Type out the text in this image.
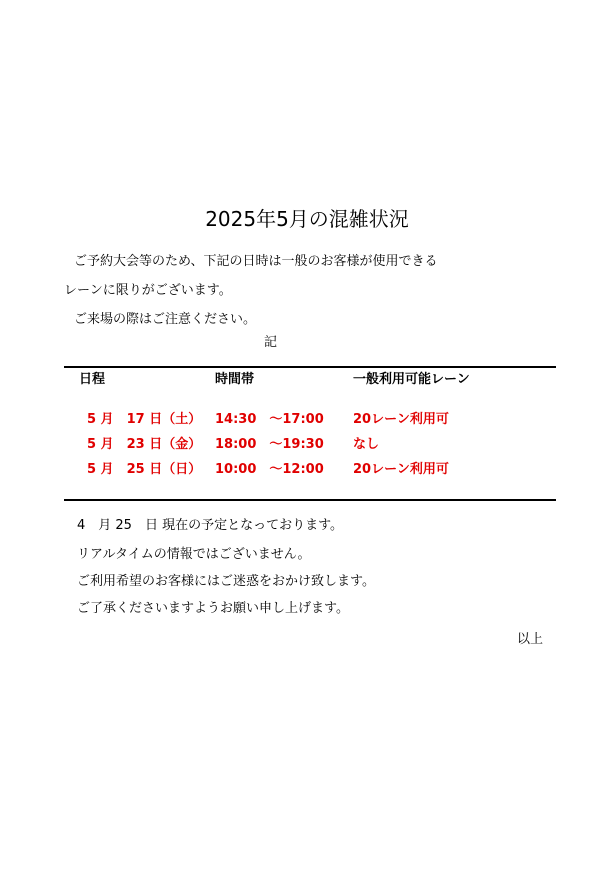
2025年5月の混雑状況
ご予約大会等のため、下記の日時は一般のお客様が使用できる
レーンに限りがございます。
ご来場の際はご注意ください。
記
日程	時間帯	一般利用可能レーン
5 月　17 日（土） 14:30　～17:00 20レーン利用可
5 月　23 日（金） 18:00　～19:30 なし
5 月　25 日（日） 10:00　～12:00 20レーン利用可
4　月 25　日 現在の予定となっております。
リアルタイムの情報ではございません。
ご利用希望のお客様にはご迷惑をおかけ致します。
ご了承くださいますようお願い申し上げます。
以上
